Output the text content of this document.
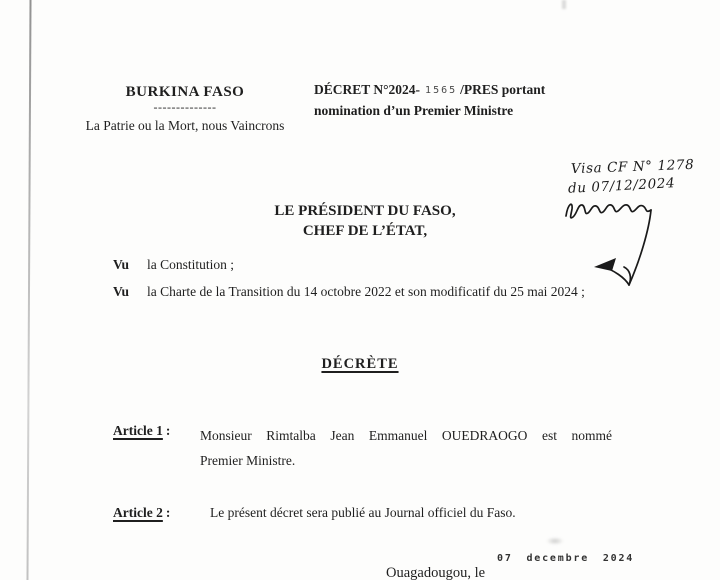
BURKINA FASO
--------------
La Patrie ou la Mort, nous Vaincrons
DÉCRET N°2024- 1565 /PRES portant
nomination d’un Premier Ministre
Visa CF N° 1278
du 07/12/2024
LE PRÉSIDENT DU FASO,
CHEF DE L’ÉTAT,
Vu la Constitution ;
Vu la Charte de la Transition du 14 octobre 2022 et son modificatif du 25 mai 2024 ;
DÉCRÈTE
Article 1 : Monsieur Rimtalba Jean Emmanuel OUEDRAOGO est nommé
Premier Ministre.
Article 2 :	Le présent décret sera publié au Journal officiel du Faso.
Ouagadougou, le
07 decembre 2024
